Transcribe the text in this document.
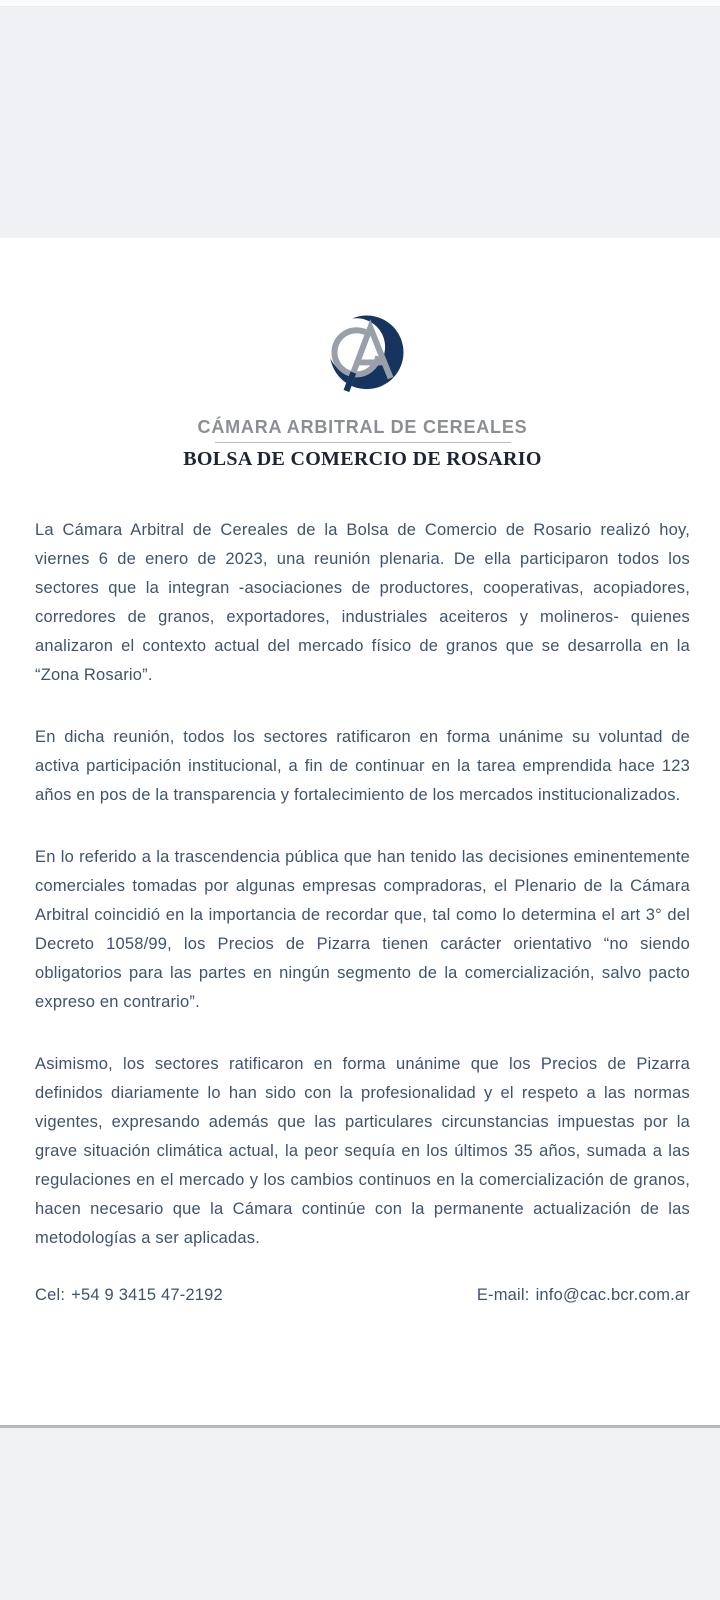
CÁMARA ARBITRAL DE CEREALES
BOLSA DE COMERCIO DE ROSARIO

La Cámara Arbitral de Cereales de la Bolsa de Comercio de Rosario realizó hoy, viernes 6 de enero de 2023, una reunión plenaria. De ella participaron todos los sectores que la integran -asociaciones de productores, cooperativas, acopiadores, corredores de granos, exportadores, industriales aceiteros y molineros- quienes analizaron el contexto actual del mercado físico de granos que se desarrolla en la “Zona Rosario”.

En dicha reunión, todos los sectores ratificaron en forma unánime su voluntad de activa participación institucional, a fin de continuar en la tarea emprendida hace 123 años en pos de la transparencia y fortalecimiento de los mercados institucionalizados.

En lo referido a la trascendencia pública que han tenido las decisiones eminentemente comerciales tomadas por algunas empresas compradoras, el Plenario de la Cámara Arbitral coincidió en la importancia de recordar que, tal como lo determina el art 3° del Decreto 1058/99, los Precios de Pizarra tienen carácter orientativo “no siendo obligatorios para las partes en ningún segmento de la comercialización, salvo pacto expreso en contrario”.

Asimismo, los sectores ratificaron en forma unánime que los Precios de Pizarra definidos diariamente lo han sido con la profesionalidad y el respeto a las normas vigentes, expresando además que las particulares circunstancias impuestas por la grave situación climática actual, la peor sequía en los últimos 35 años, sumada a las regulaciones en el mercado y los cambios continuos en la comercialización de granos, hacen necesario que la Cámara continúe con la permanente actualización de las metodologías a ser aplicadas.

Cel: +54 9 3415 47-2192	E-mail: info@cac.bcr.com.ar
